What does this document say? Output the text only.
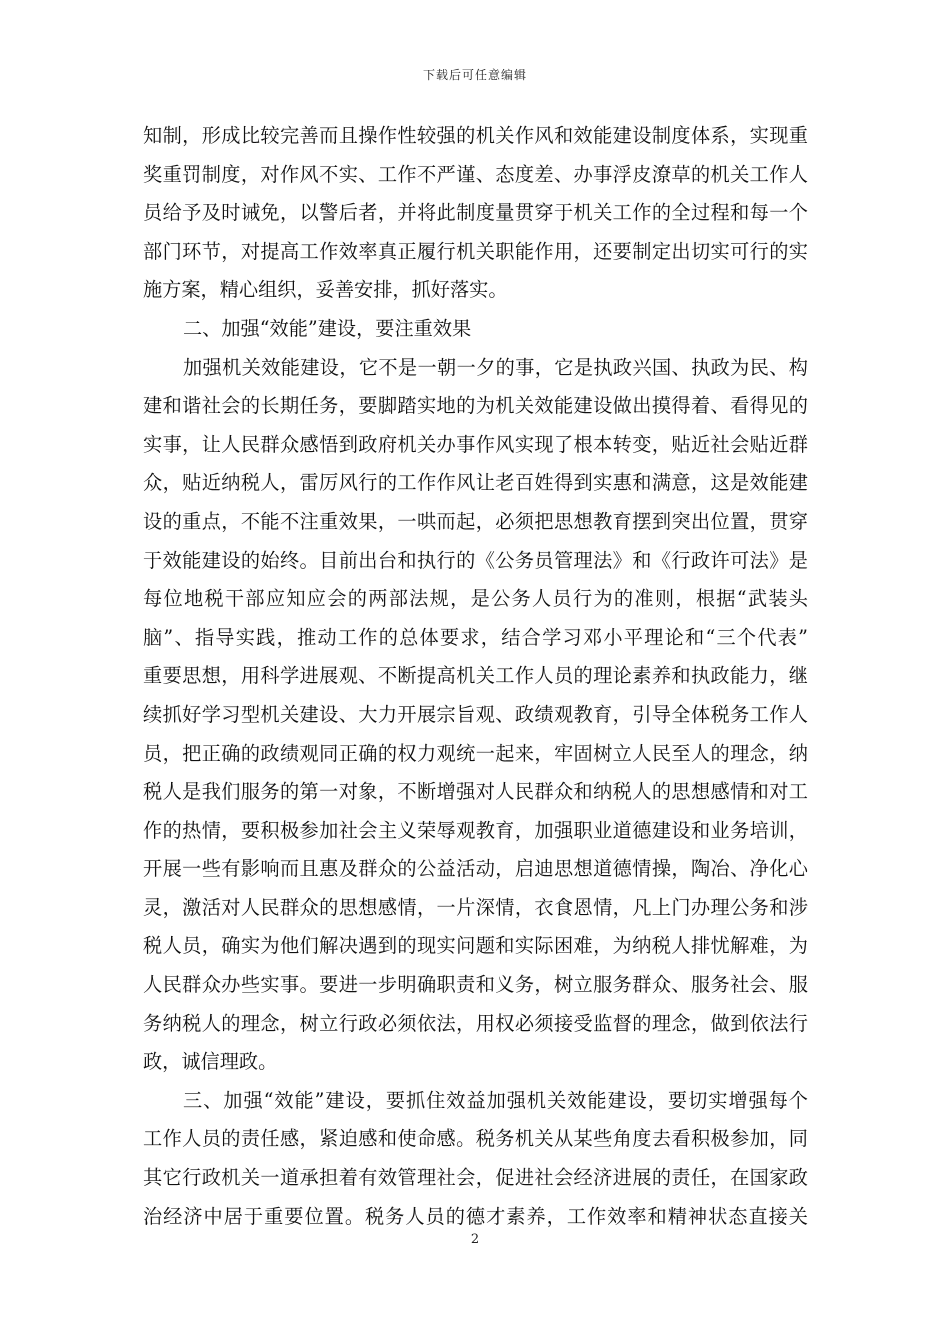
下载后可任意编辑
知制，形成比较完善而且操作性较强的机关作风和效能建设制度体系，实现重
奖重罚制度，对作风不实、工作不严谨、态度差、办事浮皮潦草的机关工作人
员给予及时诫免，以警后者，并将此制度量贯穿于机关工作的全过程和每一个
部门环节，对提高工作效率真正履行机关职能作用，还要制定出切实可行的实
施方案，精心组织，妥善安排，抓好落实。
二、加强“效能”建设，要注重效果
加强机关效能建设，它不是一朝一夕的事，它是执政兴国、执政为民、构
建和谐社会的长期任务，要脚踏实地的为机关效能建设做出摸得着、看得见的
实事，让人民群众感悟到政府机关办事作风实现了根本转变，贴近社会贴近群
众，贴近纳税人，雷厉风行的工作作风让老百姓得到实惠和满意，这是效能建
设的重点，不能不注重效果，一哄而起，必须把思想教育摆到突出位置，贯穿
于效能建设的始终。目前出台和执行的《公务员管理法》和《行政许可法》是
每位地税干部应知应会的两部法规，是公务人员行为的准则，根据“武装头
脑”、指导实践，推动工作的总体要求，结合学习邓小平理论和“三个代表”
重要思想，用科学进展观、不断提高机关工作人员的理论素养和执政能力，继
续抓好学习型机关建设、大力开展宗旨观、政绩观教育，引导全体税务工作人
员，把正确的政绩观同正确的权力观统一起来，牢固树立人民至人的理念，纳
税人是我们服务的第一对象，不断增强对人民群众和纳税人的思想感情和对工
作的热情，要积极参加社会主义荣辱观教育，加强职业道德建设和业务培训，
开展一些有影响而且惠及群众的公益活动，启迪思想道德情操，陶冶、净化心
灵，激活对人民群众的思想感情，一片深情，衣食恩情，凡上门办理公务和涉
税人员，确实为他们解决遇到的现实问题和实际困难，为纳税人排忧解难，为
人民群众办些实事。要进一步明确职责和义务，树立服务群众、服务社会、服
务纳税人的理念，树立行政必须依法，用权必须接受监督的理念，做到依法行
政，诚信理政。
三、加强“效能”建设，要抓住效益加强机关效能建设，要切实增强每个
工作人员的责任感，紧迫感和使命感。税务机关从某些角度去看积极参加，同
其它行政机关一道承担着有效管理社会，促进社会经济进展的责任，在国家政
治经济中居于重要位置。税务人员的德才素养，工作效率和精神状态直接关
2
